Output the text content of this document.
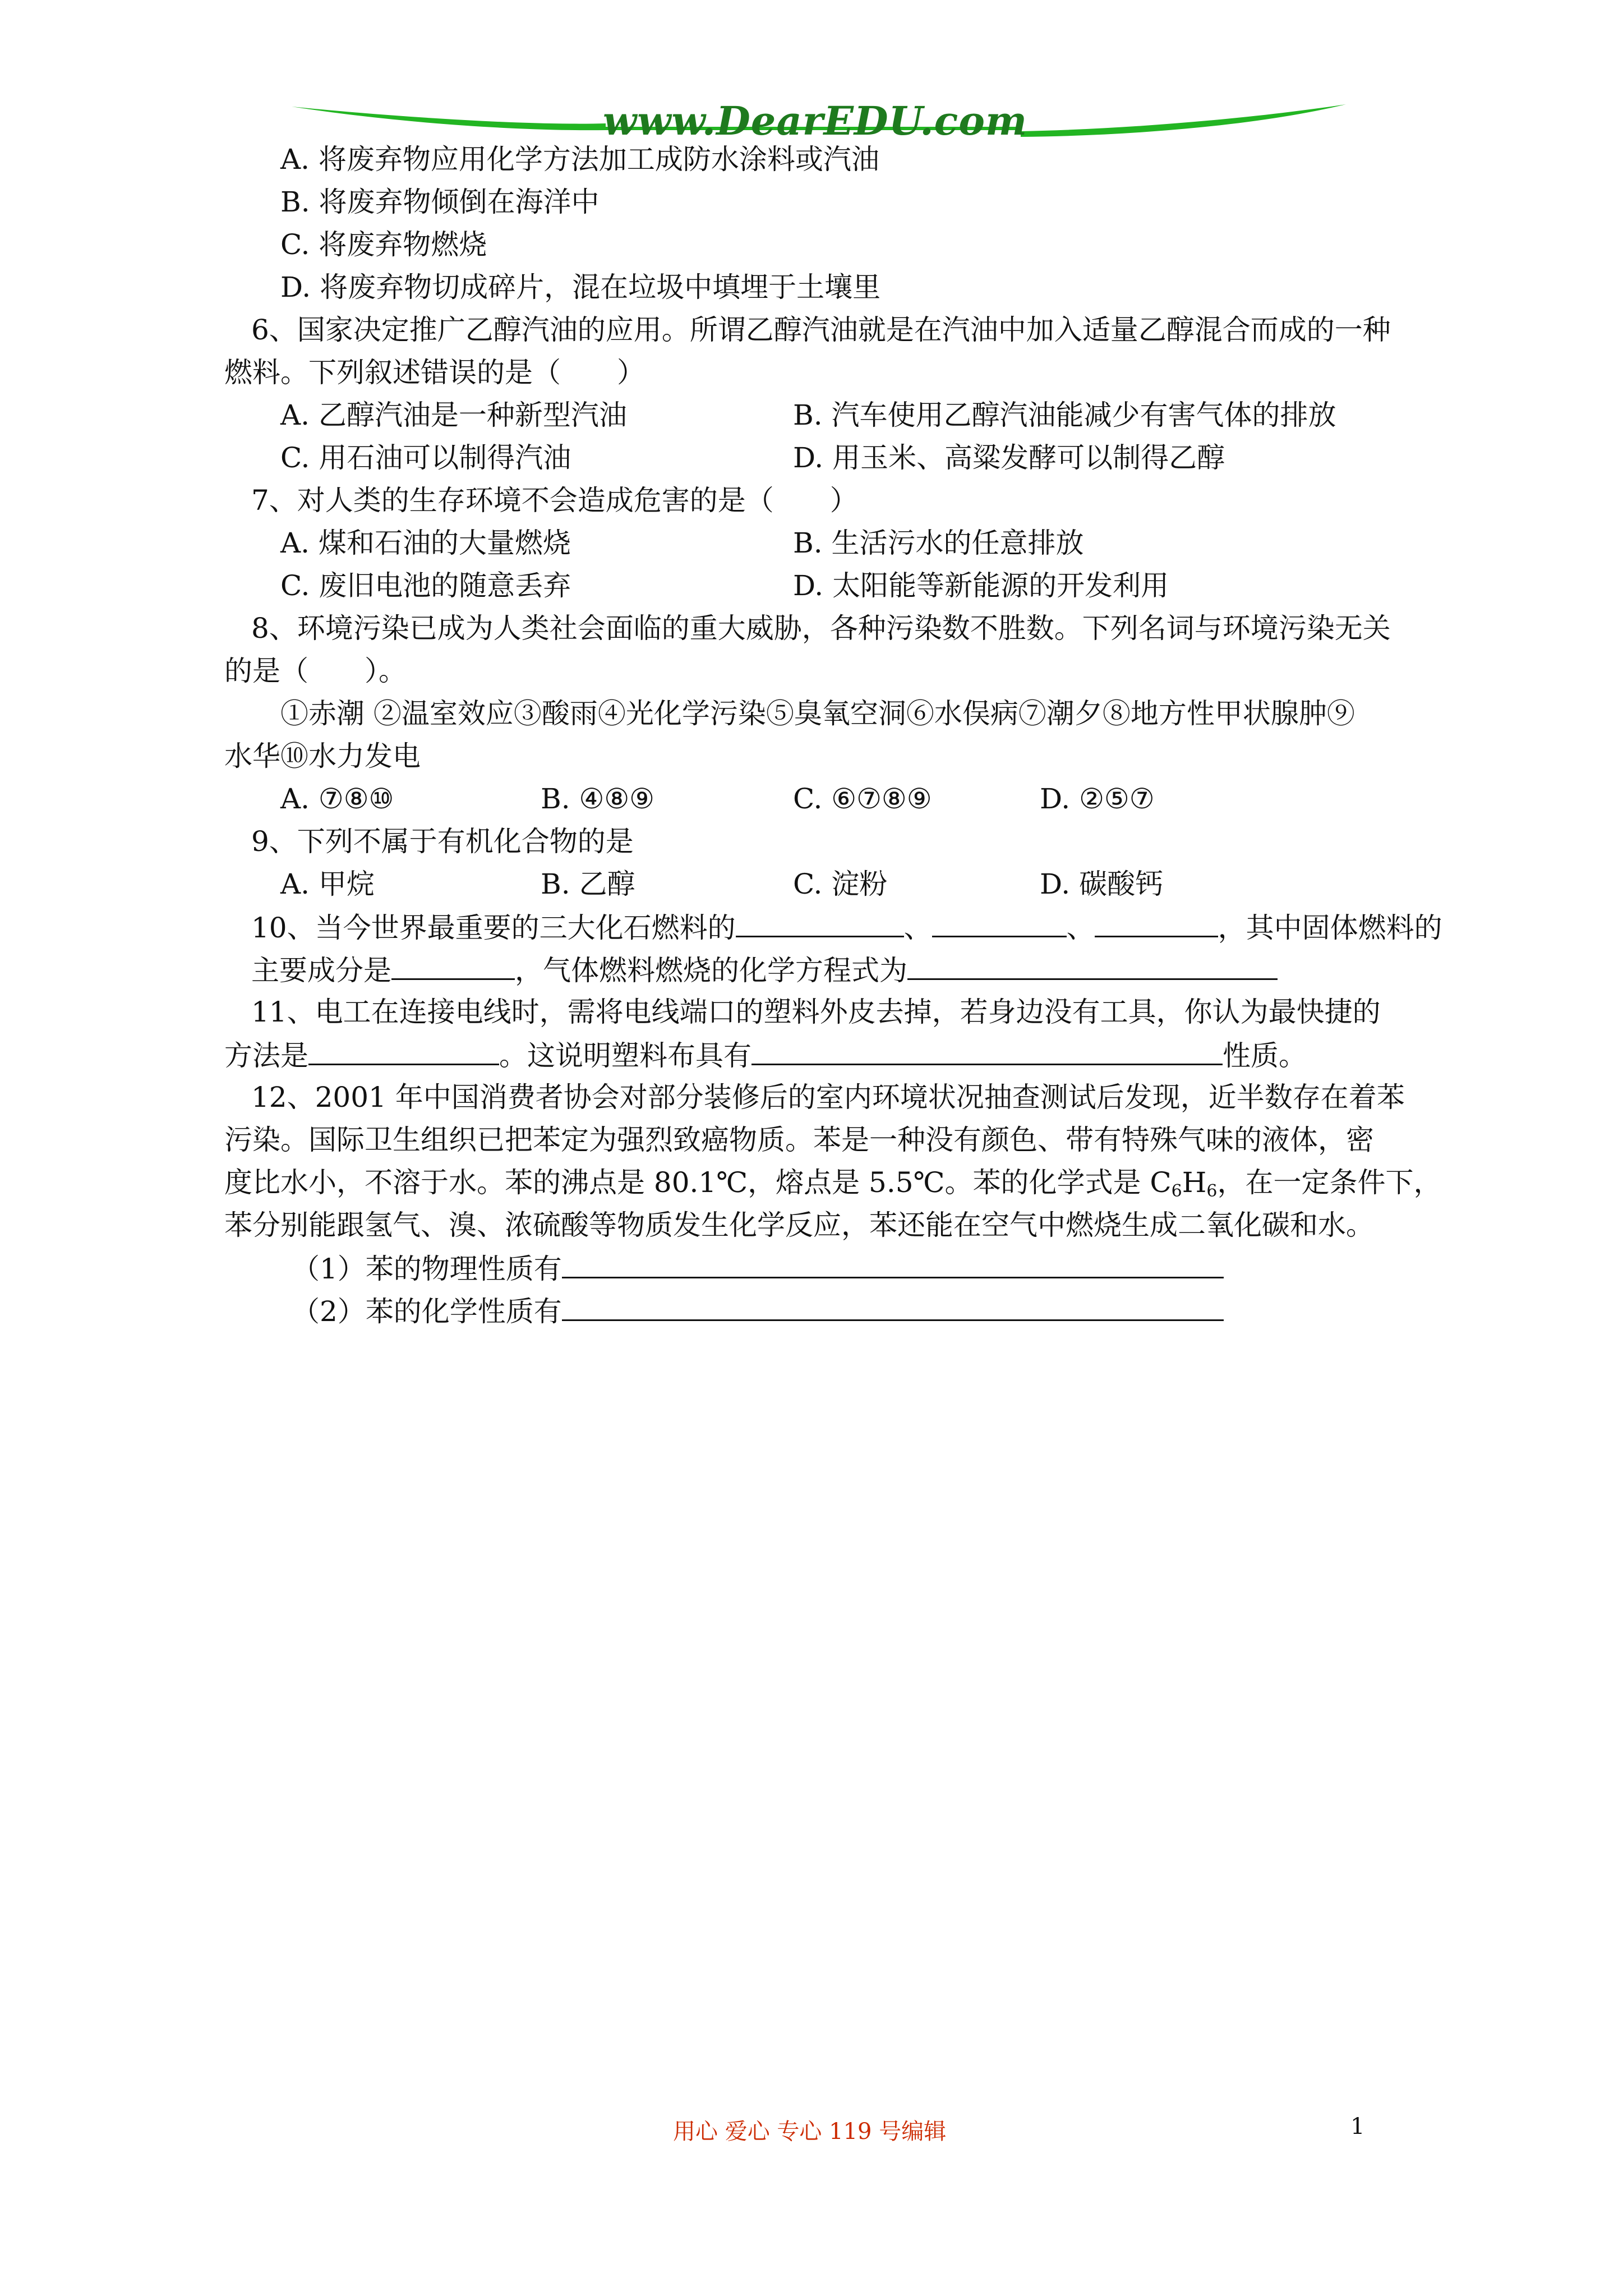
www.DearEDU.com
A. 将废弃物应用化学方法加工成防水涂料或汽油
B. 将废弃物倾倒在海洋中
C. 将废弃物燃烧
D. 将废弃物切成碎片，混在垃圾中填埋于土壤里
6、国家决定推广乙醇汽油的应用。所谓乙醇汽油就是在汽油中加入适量乙醇混合而成的一种
燃料。下列叙述错误的是（　　）
A. 乙醇汽油是一种新型汽油	B. 汽车使用乙醇汽油能减少有害气体的排放
C. 用石油可以制得汽油	D. 用玉米、高粱发酵可以制得乙醇
7、对人类的生存环境不会造成危害的是（　　）
A. 煤和石油的大量燃烧	B. 生活污水的任意排放
C. 废旧电池的随意丢弃	D. 太阳能等新能源的开发利用
8、环境污染已成为人类社会面临的重大威胁，各种污染数不胜数。下列名词与环境污染无关
的是（　　）。
①赤潮 ②温室效应③酸雨④光化学污染⑤臭氧空洞⑥水俣病⑦潮夕⑧地方性甲状腺肿⑨
水华⑩水力发电
A. ⑦⑧⑩	B. ④⑧⑨	C. ⑥⑦⑧⑨	D. ②⑤⑦
9、下列不属于有机化合物的是
A. 甲烷	B. 乙醇	C. 淀粉	D. 碳酸钙
10、当今世界最重要的三大化石燃料的	、	、	，其中固体燃料的
主要成分是	，气体燃料燃烧的化学方程式为
11、电工在连接电线时，需将电线端口的塑料外皮去掉，若身边没有工具，你认为最快捷的
方法是	。这说明塑料布具有	性质。
12、2001 年中国消费者协会对部分装修后的室内环境状况抽查测试后发现，近半数存在着苯
污染。国际卫生组织已把苯定为强烈致癌物质。苯是一种没有颜色、带有特殊气味的液体，密
度比水小，不溶于水。苯的沸点是 80.1℃，熔点是 5.5℃。苯的化学式是 $C_6H_6$，在一定条件下，
苯分别能跟氢气、溴、浓硫酸等物质发生化学反应，苯还能在空气中燃烧生成二氧化碳和水。
（1）苯的物理性质有
（2）苯的化学性质有
用心 爱心 专心 119 号编辑	1
